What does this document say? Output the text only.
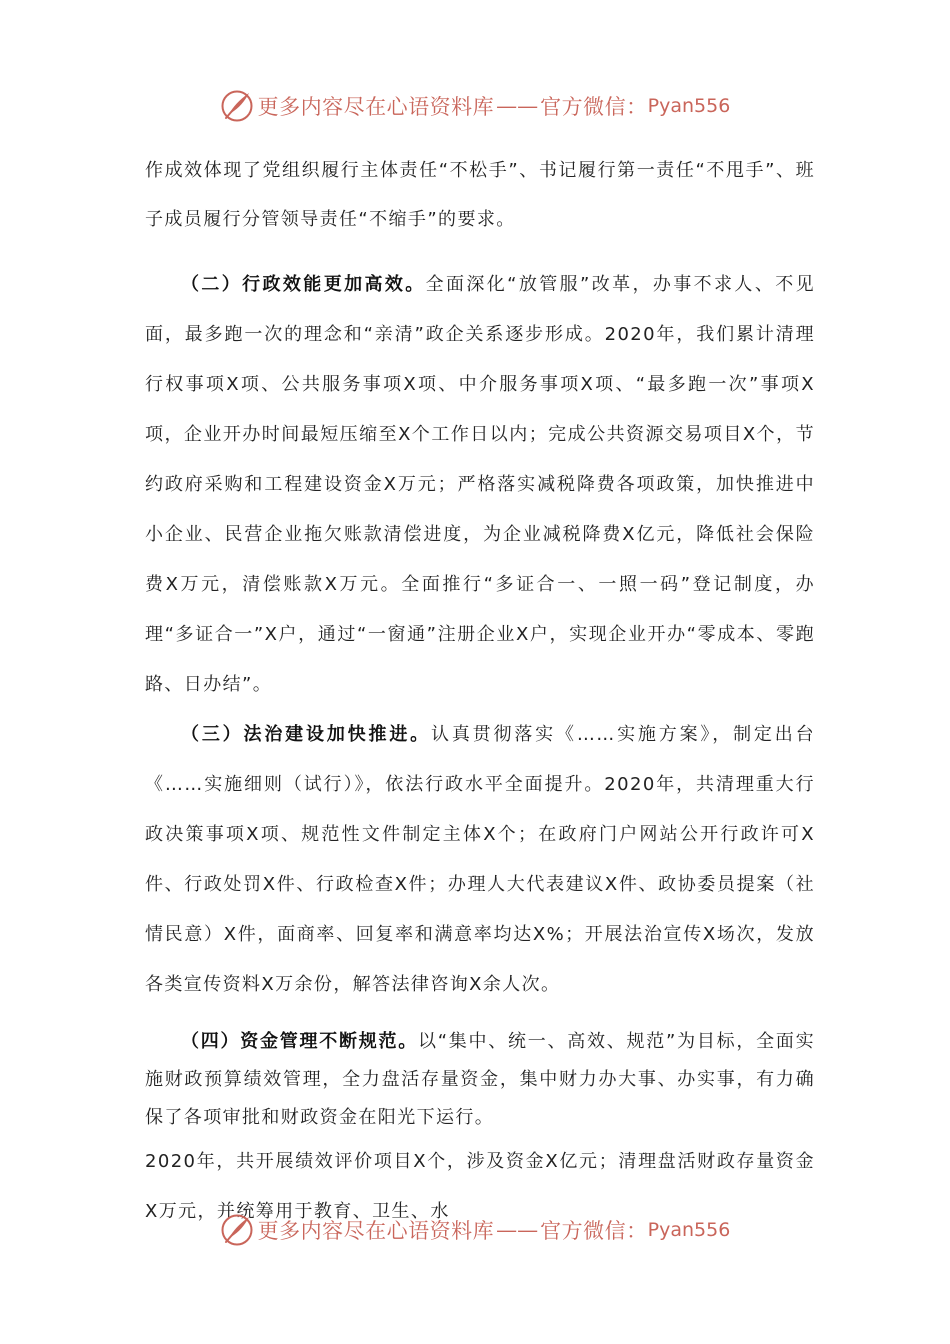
更多内容尽在心语资料库 —— 官方微信： Pyan556

作成效体现了党组织履行主体责任“不松手”、书记履行第一责任“不甩手”、班子成员履行分管领导责任“不缩手”的要求。

（二）行政效能更加高效。全面深化“放管服”改革，办事不求人、不见面，最多跑一次的理念和“亲清”政企关系逐步形成。2020年，我们累计清理行权事项X项、公共服务事项X项、中介服务事项X项、“最多跑一次”事项X项，企业开办时间最短压缩至X个工作日以内；完成公共资源交易项目X个，节约政府采购和工程建设资金X万元；严格落实减税降费各项政策，加快推进中小企业、民营企业拖欠账款清偿进度，为企业减税降费X亿元，降低社会保险费X万元，清偿账款X万元。全面推行“多证合一、一照一码”登记制度，办理“多证合一”X户，通过“一窗通”注册企业X户，实现企业开办“零成本、零跑路、日办结”。

（三）法治建设加快推进。认真贯彻落实《……实施方案》，制定出台《……实施细则（试行）》，依法行政水平全面提升。2020年，共清理重大行政决策事项X项、规范性文件制定主体X个；在政府门户网站公开行政许可X件、行政处罚X件、行政检查X件；办理人大代表建议X件、政协委员提案（社情民意）X件，面商率、回复率和满意率均达X%；开展法治宣传X场次，发放各类宣传资料X万余份，解答法律咨询X余人次。

（四）资金管理不断规范。以“集中、统一、高效、规范”为目标，全面实施财政预算绩效管理，全力盘活存量资金，集中财力办大事、办实事，有力确保了各项审批和财政资金在阳光下运行。
2020年，共开展绩效评价项目X个，涉及资金X亿元；清理盘活财政存量资金X万元，并统筹用于教育、卫生、水
更多内容尽在心语资料库 —— 官方微信： Pyan556
